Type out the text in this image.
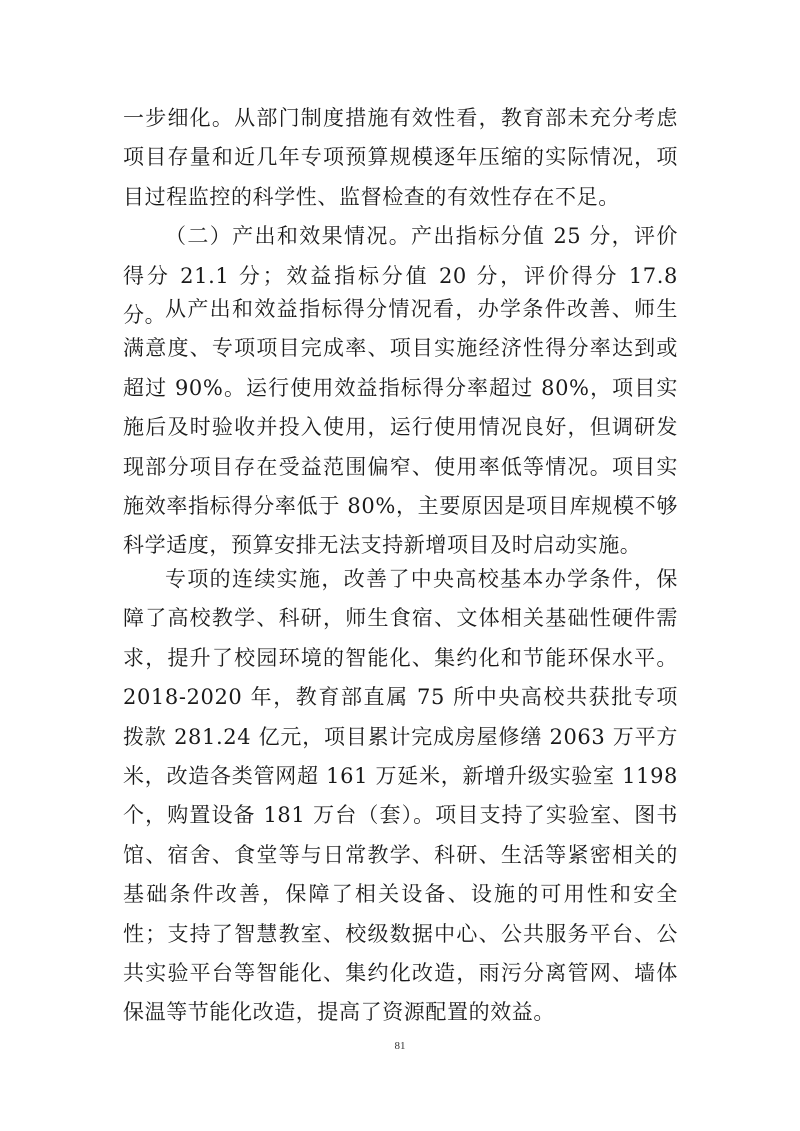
一步细化。从部门制度措施有效性看，教育部未充分考虑项目存量和近几年专项预算规模逐年压缩的实际情况，项目过程监控的科学性、监督检查的有效性存在不足。

（二）产出和效果情况。产出指标分值 25 分，评价得分 21.1 分；效益指标分值 20 分，评价得分 17.8 分。

从产出和效益指标得分情况看，办学条件改善、师生满意度、专项项目完成率、项目实施经济性得分率达到或超过 90%。运行使用效益指标得分率超过 80%，项目实施后及时验收并投入使用，运行使用情况良好，但调研发现部分项目存在受益范围偏窄、使用率低等情况。项目实施效率指标得分率低于 80%，主要原因是项目库规模不够科学适度，预算安排无法支持新增项目及时启动实施。

专项的连续实施，改善了中央高校基本办学条件，保障了高校教学、科研，师生食宿、文体相关基础性硬件需求，提升了校园环境的智能化、集约化和节能环保水平。2018-2020 年，教育部直属 75 所中央高校共获批专项拨款 281.24 亿元，项目累计完成房屋修缮 2063 万平方米，改造各类管网超 161 万延米，新增升级实验室 1198 个，购置设备 181 万台（套）。项目支持了实验室、图书馆、宿舍、食堂等与日常教学、科研、生活等紧密相关的基础条件改善，保障了相关设备、设施的可用性和安全性；支持了智慧教室、校级数据中心、公共服务平台、公共实验平台等智能化、集约化改造，雨污分离管网、墙体保温等节能化改造，提高了资源配置的效益。

81
